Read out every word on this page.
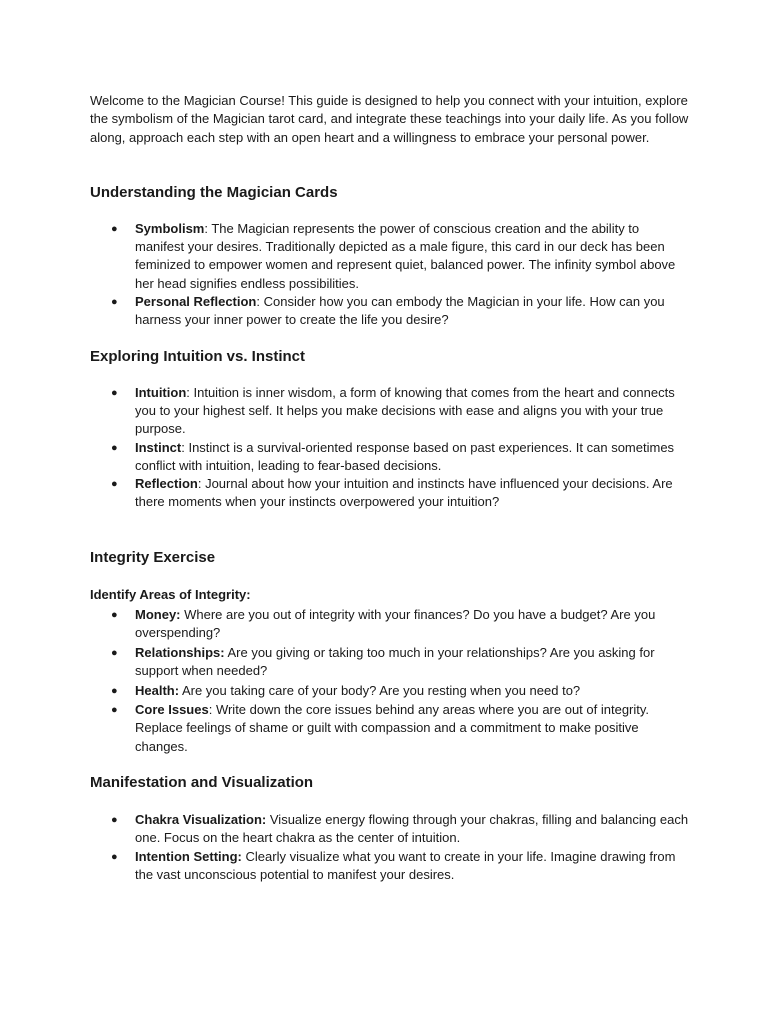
Welcome to the Magician Course! This guide is designed to help you connect with your intuition, explore the symbolism of the Magician tarot card, and integrate these teachings into your daily life. As you follow along, approach each step with an open heart and a willingness to embrace your personal power.

Understanding the Magician Cards
● Symbolism: The Magician represents the power of conscious creation and the ability to manifest your desires. Traditionally depicted as a male figure, this card in our deck has been feminized to empower women and represent quiet, balanced power. The infinity symbol above her head signifies endless possibilities.
● Personal Reflection: Consider how you can embody the Magician in your life. How can you harness your inner power to create the life you desire?
Exploring Intuition vs. Instinct
● Intuition: Intuition is inner wisdom, a form of knowing that comes from the heart and connects you to your highest self. It helps you make decisions with ease and aligns you with your true purpose.
● Instinct: Instinct is a survival-oriented response based on past experiences. It can sometimes conflict with intuition, leading to fear-based decisions.
● Reflection: Journal about how your intuition and instincts have influenced your decisions. Are there moments when your instincts overpowered your intuition?
Integrity Exercise

Identify Areas of Integrity:

● Money: Where are you out of integrity with your finances? Do you have a budget? Are you overspending?
● Relationships: Are you giving or taking too much in your relationships? Are you asking for support when needed?
● Health: Are you taking care of your body? Are you resting when you need to?
● Core Issues: Write down the core issues behind any areas where you are out of integrity. Replace feelings of shame or guilt with compassion and a commitment to make positive changes.
Manifestation and Visualization
● Chakra Visualization: Visualize energy flowing through your chakras, filling and balancing each one. Focus on the heart chakra as the center of intuition.
● Intention Setting: Clearly visualize what you want to create in your life. Imagine drawing from the vast unconscious potential to manifest your desires.
